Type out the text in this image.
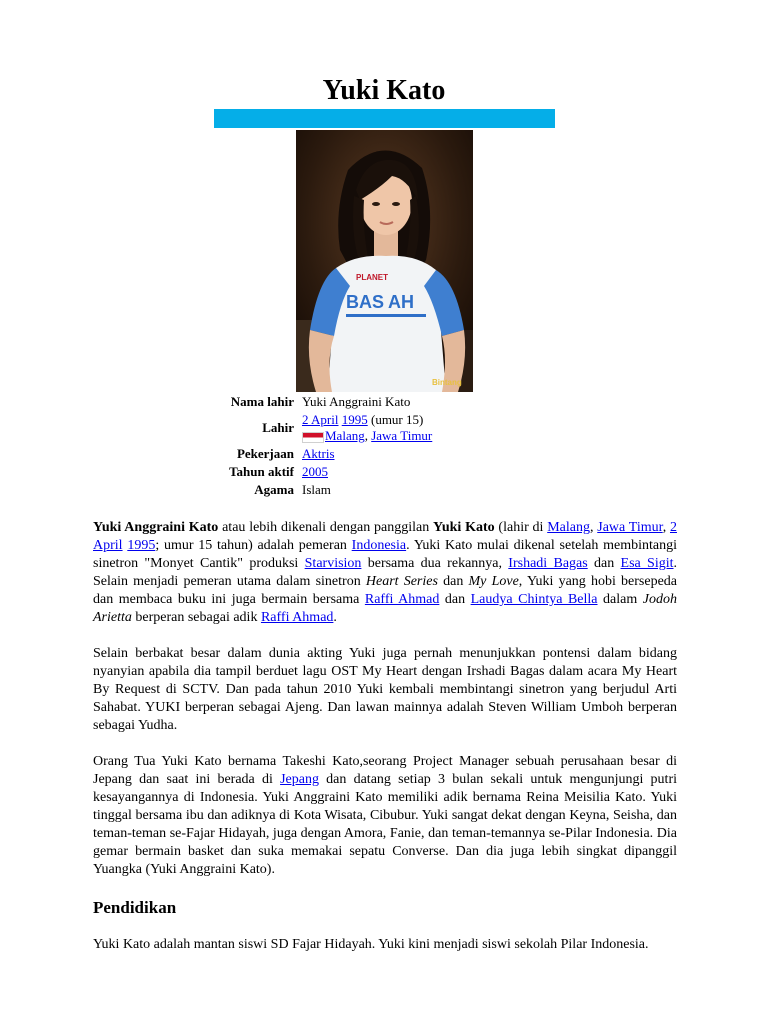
Yuki Kato
PLANET
BAS AH
Bintang
Nama lahir	Yuki Anggraini Kato
Lahir	2 April 1995 (umur 15)
Malang, Jawa Timur
Pekerjaan	Aktris
Tahun aktif	2005
Agama	Islam

Yuki Anggraini Kato atau lebih dikenali dengan panggilan Yuki Kato (lahir di Malang, Jawa Timur, 2 April 1995; umur 15 tahun) adalah pemeran Indonesia. Yuki Kato mulai dikenal setelah membintangi sinetron "Monyet Cantik" produksi Starvision bersama dua rekannya, Irshadi Bagas dan Esa Sigit. Selain menjadi pemeran utama dalam sinetron Heart Series dan My Love, Yuki yang hobi bersepeda dan membaca buku ini juga bermain bersama Raffi Ahmad dan Laudya Chintya Bella dalam Jodoh Arietta berperan sebagai adik Raffi Ahmad.

Selain berbakat besar dalam dunia akting Yuki juga pernah menunjukkan pontensi dalam bidang nyanyian apabila dia tampil berduet lagu OST My Heart dengan Irshadi Bagas dalam acara My Heart By Request di SCTV. Dan pada tahun 2010 Yuki kembali membintangi sinetron yang berjudul Arti Sahabat. YUKI berperan sebagai Ajeng. Dan lawan mainnya adalah Steven William Umboh berperan sebagai Yudha.

Orang Tua Yuki Kato bernama Takeshi Kato,seorang Project Manager sebuah perusahaan besar di Jepang dan saat ini berada di Jepang dan datang setiap 3 bulan sekali untuk mengunjungi putri kesayangannya di Indonesia. Yuki Anggraini Kato memiliki adik bernama Reina Meisilia Kato. Yuki tinggal bersama ibu dan adiknya di Kota Wisata, Cibubur. Yuki sangat dekat dengan Keyna, Seisha, dan teman-teman se-Fajar Hidayah, juga dengan Amora, Fanie, dan teman-temannya se-Pilar Indonesia. Dia gemar bermain basket dan suka memakai sepatu Converse. Dan dia juga lebih singkat dipanggil Yuangka (Yuki Anggraini Kato).

Pendidikan

Yuki Kato adalah mantan siswi SD Fajar Hidayah. Yuki kini menjadi siswi sekolah Pilar Indonesia.
